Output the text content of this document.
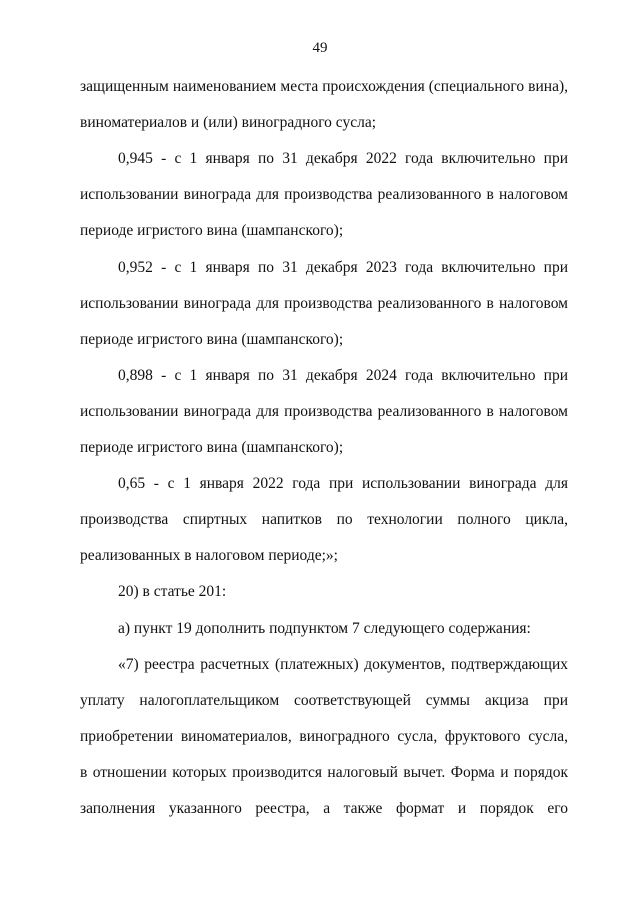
49
защищенным наименованием места происхождения (специального вина),
виноматериалов и (или) виноградного сусла;
0,945 - с 1 января по 31 декабря 2022 года включительно при
использовании винограда для производства реализованного в налоговом
периоде игристого вина (шампанского);
0,952 - с 1 января по 31 декабря 2023 года включительно при
использовании винограда для производства реализованного в налоговом
периоде игристого вина (шампанского);
0,898 - с 1 января по 31 декабря 2024 года включительно при
использовании винограда для производства реализованного в налоговом
периоде игристого вина (шампанского);
0,65 - с 1 января 2022 года при использовании винограда для
производства спиртных напитков по технологии полного цикла,
реализованных в налоговом периоде;»;
20) в статье 201:
а) пункт 19 дополнить подпунктом 7 следующего содержания:
«7) реестра расчетных (платежных) документов, подтверждающих
уплату налогоплательщиком соответствующей суммы акциза при
приобретении виноматериалов, виноградного сусла, фруктового сусла,
в отношении которых производится налоговый вычет. Форма и порядок
заполнения указанного реестра, а также формат и порядок его
